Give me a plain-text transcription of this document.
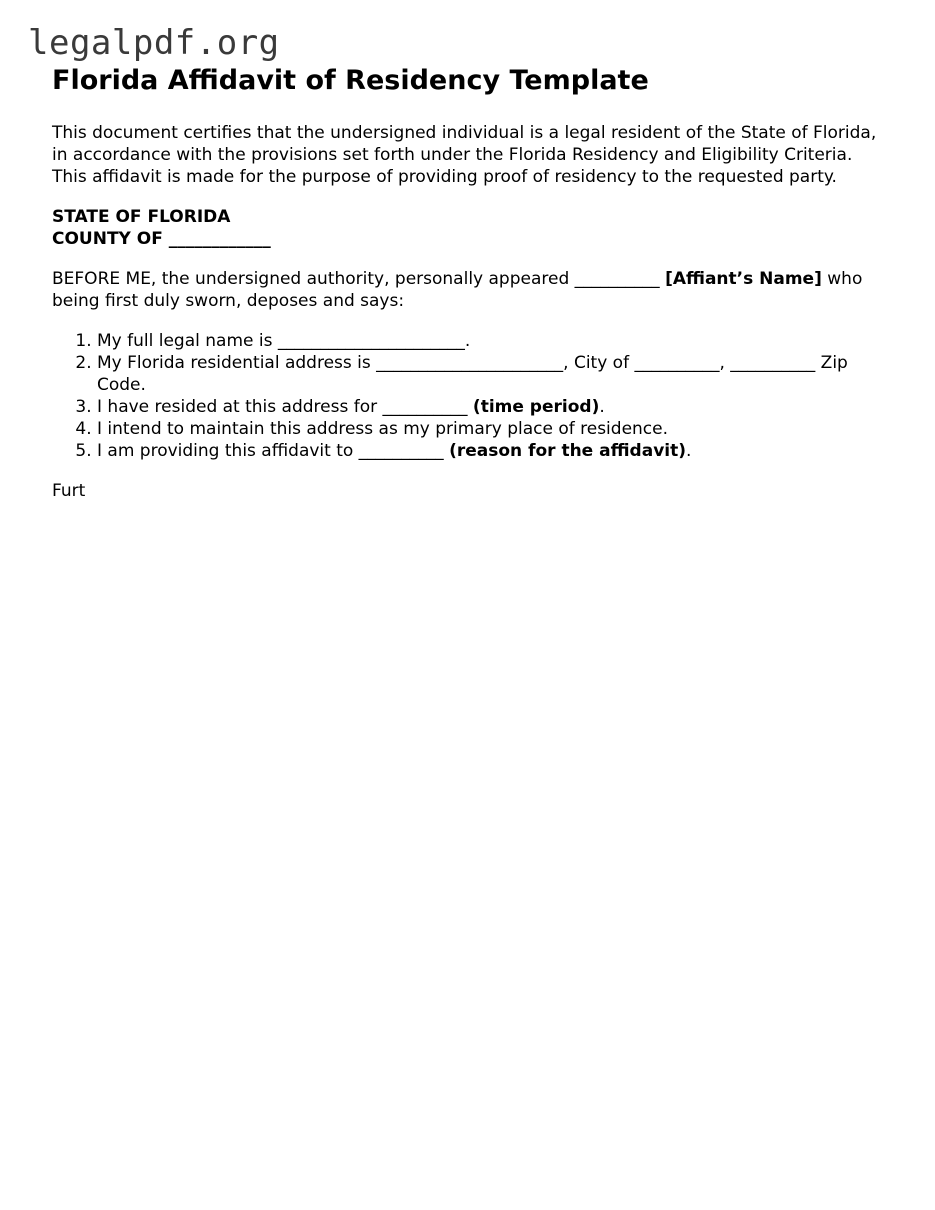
legalpdf.org
Florida Affidavit of Residency Template

This document certifies that the undersigned individual is a legal resident of the State of Florida, in accordance with the provisions set forth under the Florida Residency and Eligibility Criteria. This affidavit is made for the purpose of providing proof of residency to the requested party.

STATE OF FLORIDA
COUNTY OF ____________

BEFORE ME, the undersigned authority, personally appeared __________ [Affiant’s Name] who being first duly sworn, deposes and says:

1. My full legal name is ______________________.
2. My Florida residential address is ______________________, City of __________, __________ Zip Code.
3. I have resided at this address for __________ (time period).
4. I intend to maintain this address as my primary place of residence.
5. I am providing this affidavit to __________ (reason for the affidavit).

Furt
